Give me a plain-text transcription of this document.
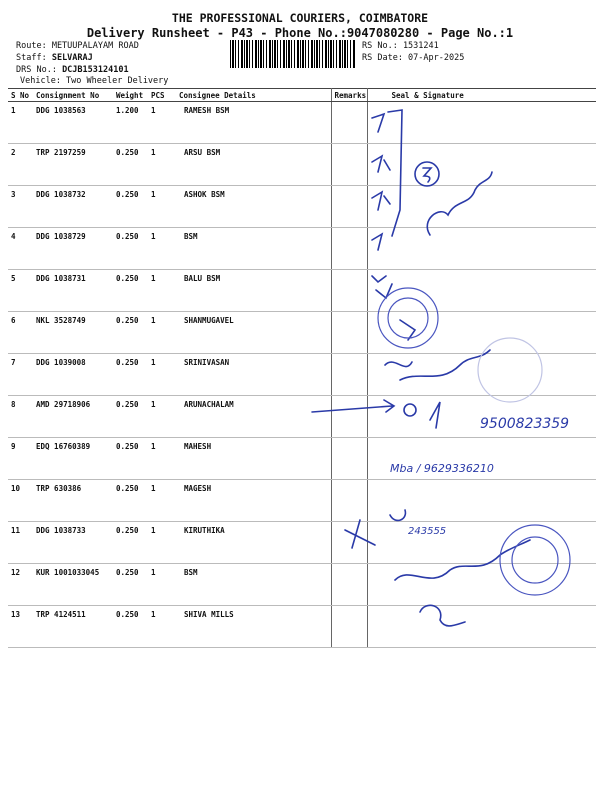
THE PROFESSIONAL COURIERS, COIMBATORE
Delivery Runsheet - P43 - Phone No.:9047080280 - Page No.:1
Route: METUUPALAYAM ROAD
Staff: SELVARAJ
DRS No.: DCJB153124101
Vehicle: Two Wheeler Delivery
RS No.: 1531241
RS Date: 07-Apr-2025
S No	Consignment No	Weight	PCS	Consignee Details	Remarks	Seal & Signature
1	DDG 1038563	1.200	1	RAMESH BSM		
2	TRP 2197259	0.250	1	ARSU BSM		
3	DDG 1038732	0.250	1	ASHOK BSM		
4	DDG 1038729	0.250	1	BSM		
5	DDG 1038731	0.250	1	BALU BSM		
6	NKL 3528749	0.250	1	SHANMUGAVEL		
7	DDG 1039008	0.250	1	SRINIVASAN		
8	AMD 29718906	0.250	1	ARUNACHALAM		
9	EDQ 16760389	0.250	1	MAHESH		
10	TRP 630386	0.250	1	MAGESH		
11	DDG 1038733	0.250	1	KIRUTHIKA		
12	KUR 1001033045	0.250	1	BSM		
13	TRP 4124511	0.250	1	SHIVA MILLS		
9500823359
Mba / 9629336210
243555
